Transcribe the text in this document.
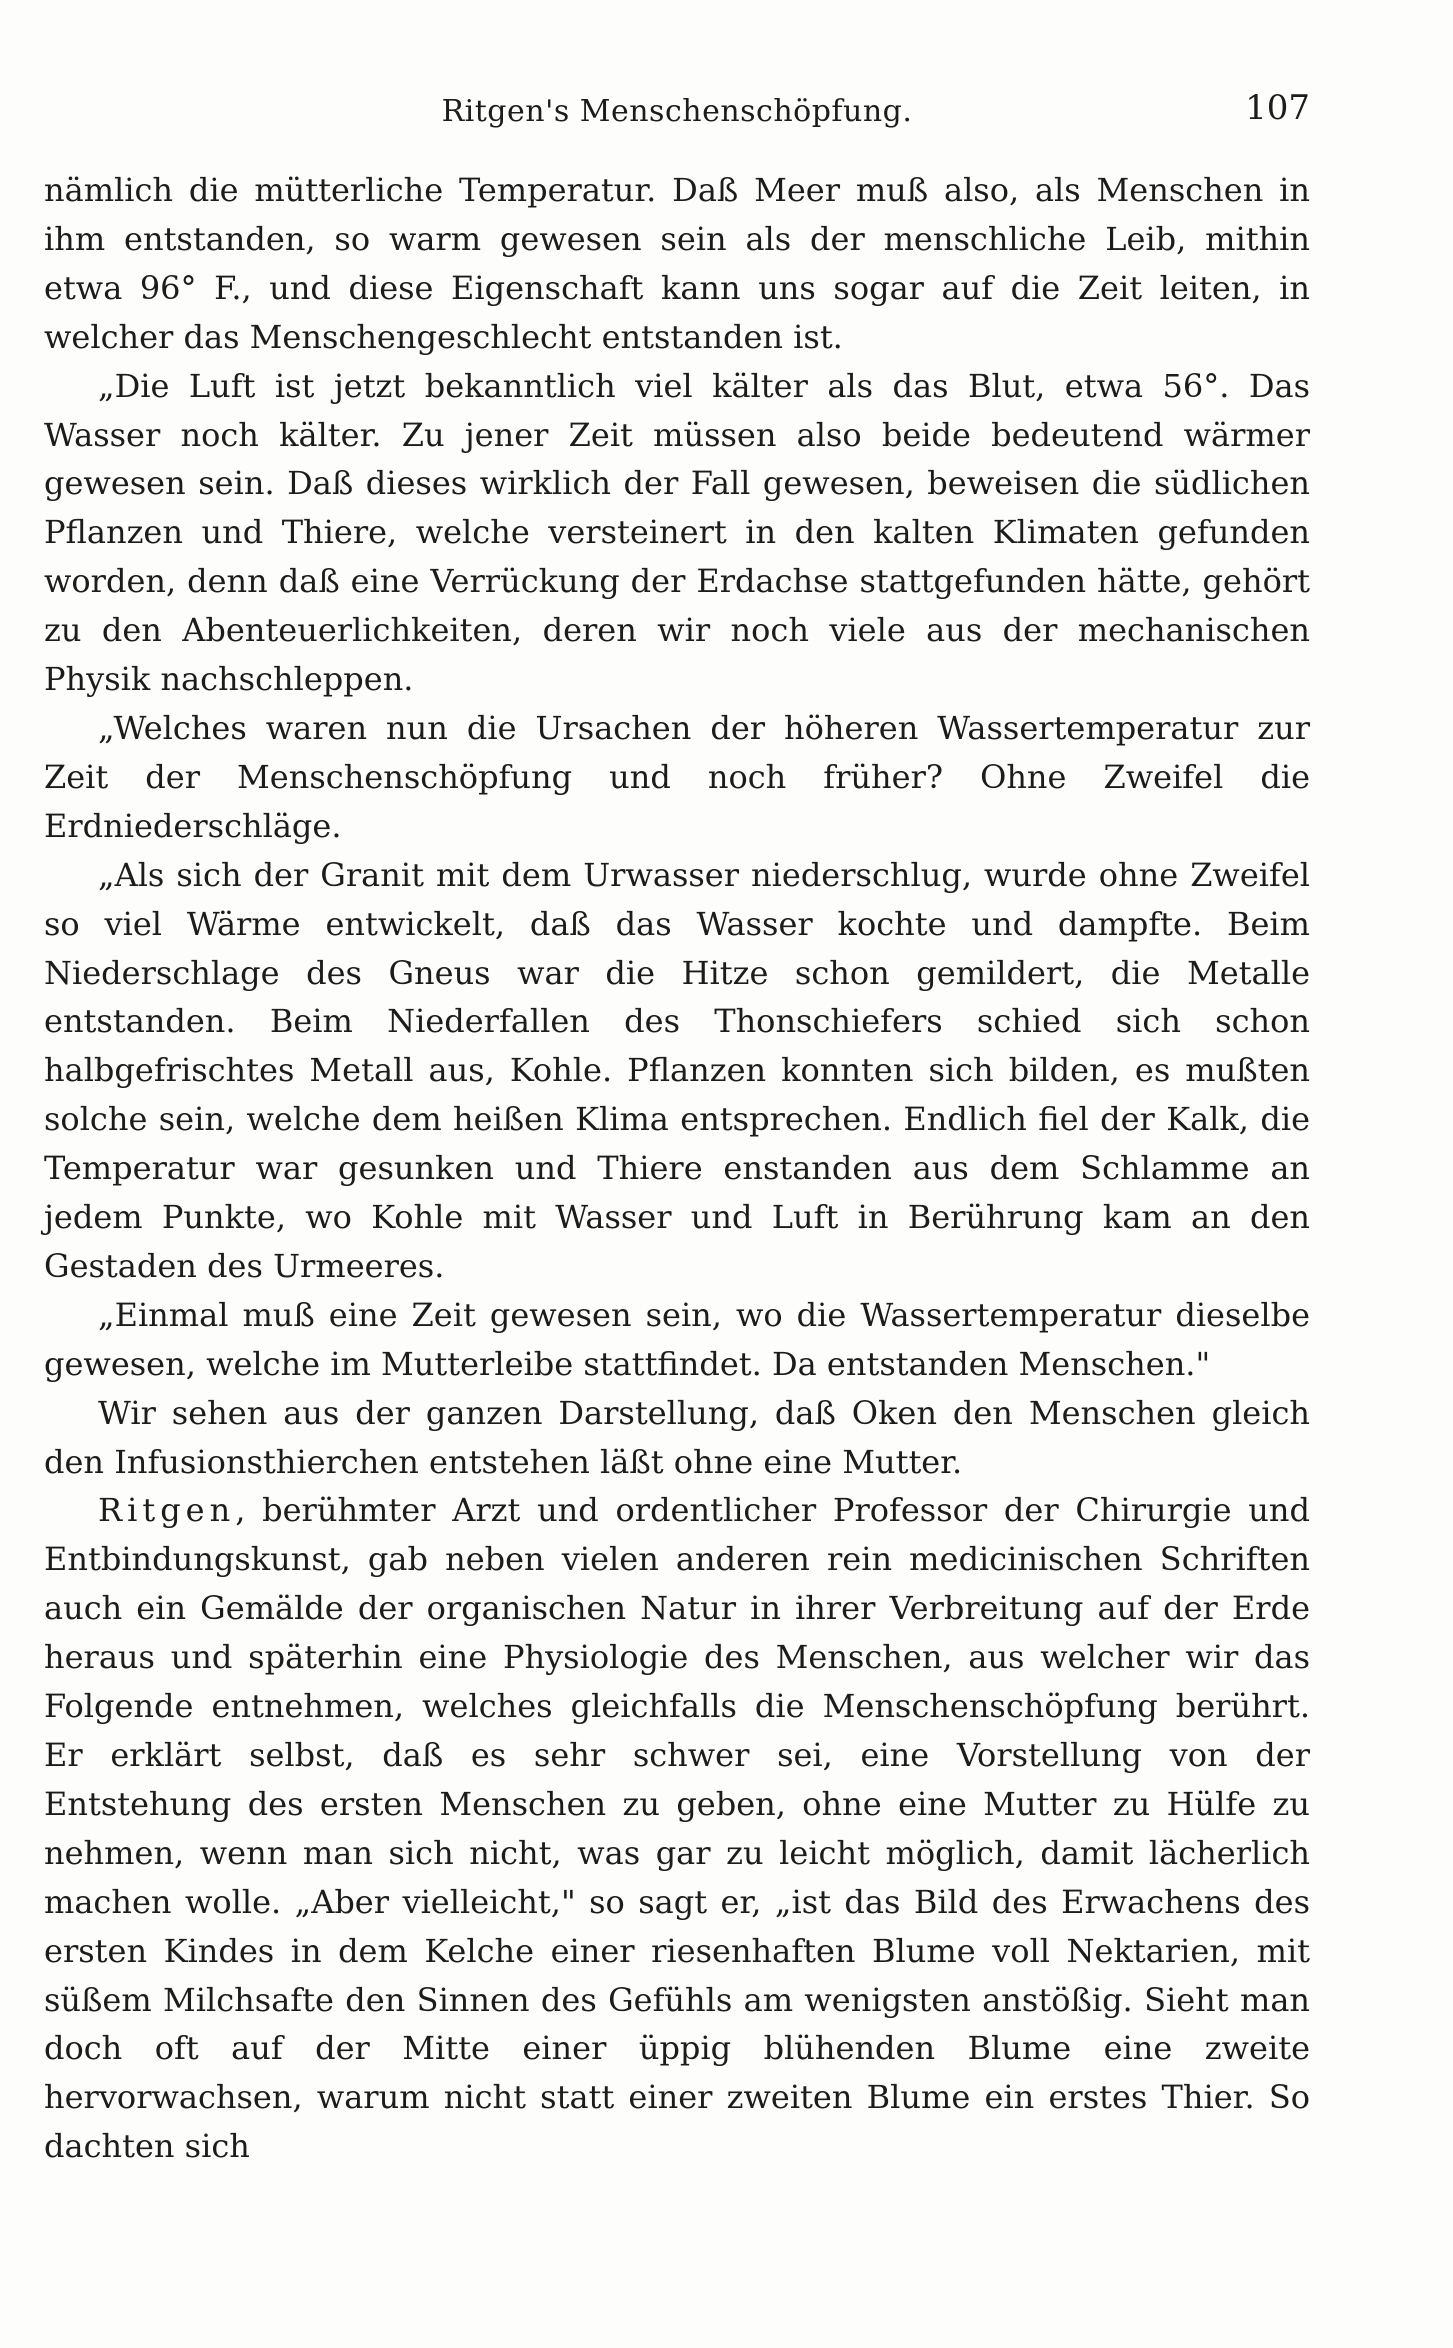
Ritgen's Menschenschöpfung.	107

nämlich die mütterliche Temperatur. Daß Meer muß also, als Menschen in ihm entstanden, so warm gewesen sein als der menschliche Leib, mithin etwa 96° F., und diese Eigenschaft kann uns sogar auf die Zeit leiten, in welcher das Menschengeschlecht entstanden ist.

„Die Luft ist jetzt bekanntlich viel kälter als das Blut, etwa 56°. Das Wasser noch kälter. Zu jener Zeit müssen also beide bedeutend wärmer gewesen sein. Daß dieses wirklich der Fall gewesen, beweisen die südlichen Pflanzen und Thiere, welche versteinert in den kalten Klimaten gefunden worden, denn daß eine Verrückung der Erdachse stattgefunden hätte, gehört zu den Abenteuerlichkeiten, deren wir noch viele aus der mechanischen Physik nachschleppen.

„Welches waren nun die Ursachen der höheren Wassertemperatur zur Zeit der Menschenschöpfung und noch früher? Ohne Zweifel die Erdniederschläge.

„Als sich der Granit mit dem Urwasser niederschlug, wurde ohne Zweifel so viel Wärme entwickelt, daß das Wasser kochte und dampfte. Beim Niederschlage des Gneus war die Hitze schon gemildert, die Metalle entstanden. Beim Niederfallen des Thonschiefers schied sich schon halbgefrischtes Metall aus, Kohle. Pflanzen konnten sich bilden, es mußten solche sein, welche dem heißen Klima entsprechen. Endlich fiel der Kalk, die Temperatur war gesunken und Thiere enstanden aus dem Schlamme an jedem Punkte, wo Kohle mit Wasser und Luft in Berührung kam an den Gestaden des Urmeeres.

„Einmal muß eine Zeit gewesen sein, wo die Wassertemperatur dieselbe gewesen, welche im Mutterleibe stattfindet. Da entstanden Menschen."

Wir sehen aus der ganzen Darstellung, daß Oken den Menschen gleich den Infusionsthierchen entstehen läßt ohne eine Mutter.

Ritgen, berühmter Arzt und ordentlicher Professor der Chirurgie und Entbindungskunst, gab neben vielen anderen rein medicinischen Schriften auch ein Gemälde der organischen Natur in ihrer Verbreitung auf der Erde heraus und späterhin eine Physiologie des Menschen, aus welcher wir das Folgende entnehmen, welches gleichfalls die Menschenschöpfung berührt. Er erklärt selbst, daß es sehr schwer sei, eine Vorstellung von der Entstehung des ersten Menschen zu geben, ohne eine Mutter zu Hülfe zu nehmen, wenn man sich nicht, was gar zu leicht möglich, damit lächerlich machen wolle. „Aber vielleicht," so sagt er, „ist das Bild des Erwachens des ersten Kindes in dem Kelche einer riesenhaften Blume voll Nektarien, mit süßem Milchsafte den Sinnen des Gefühls am wenigsten anstößig. Sieht man doch oft auf der Mitte einer üppig blühenden Blume eine zweite hervorwachsen, warum nicht statt einer zweiten Blume ein erstes Thier. So dachten sich
